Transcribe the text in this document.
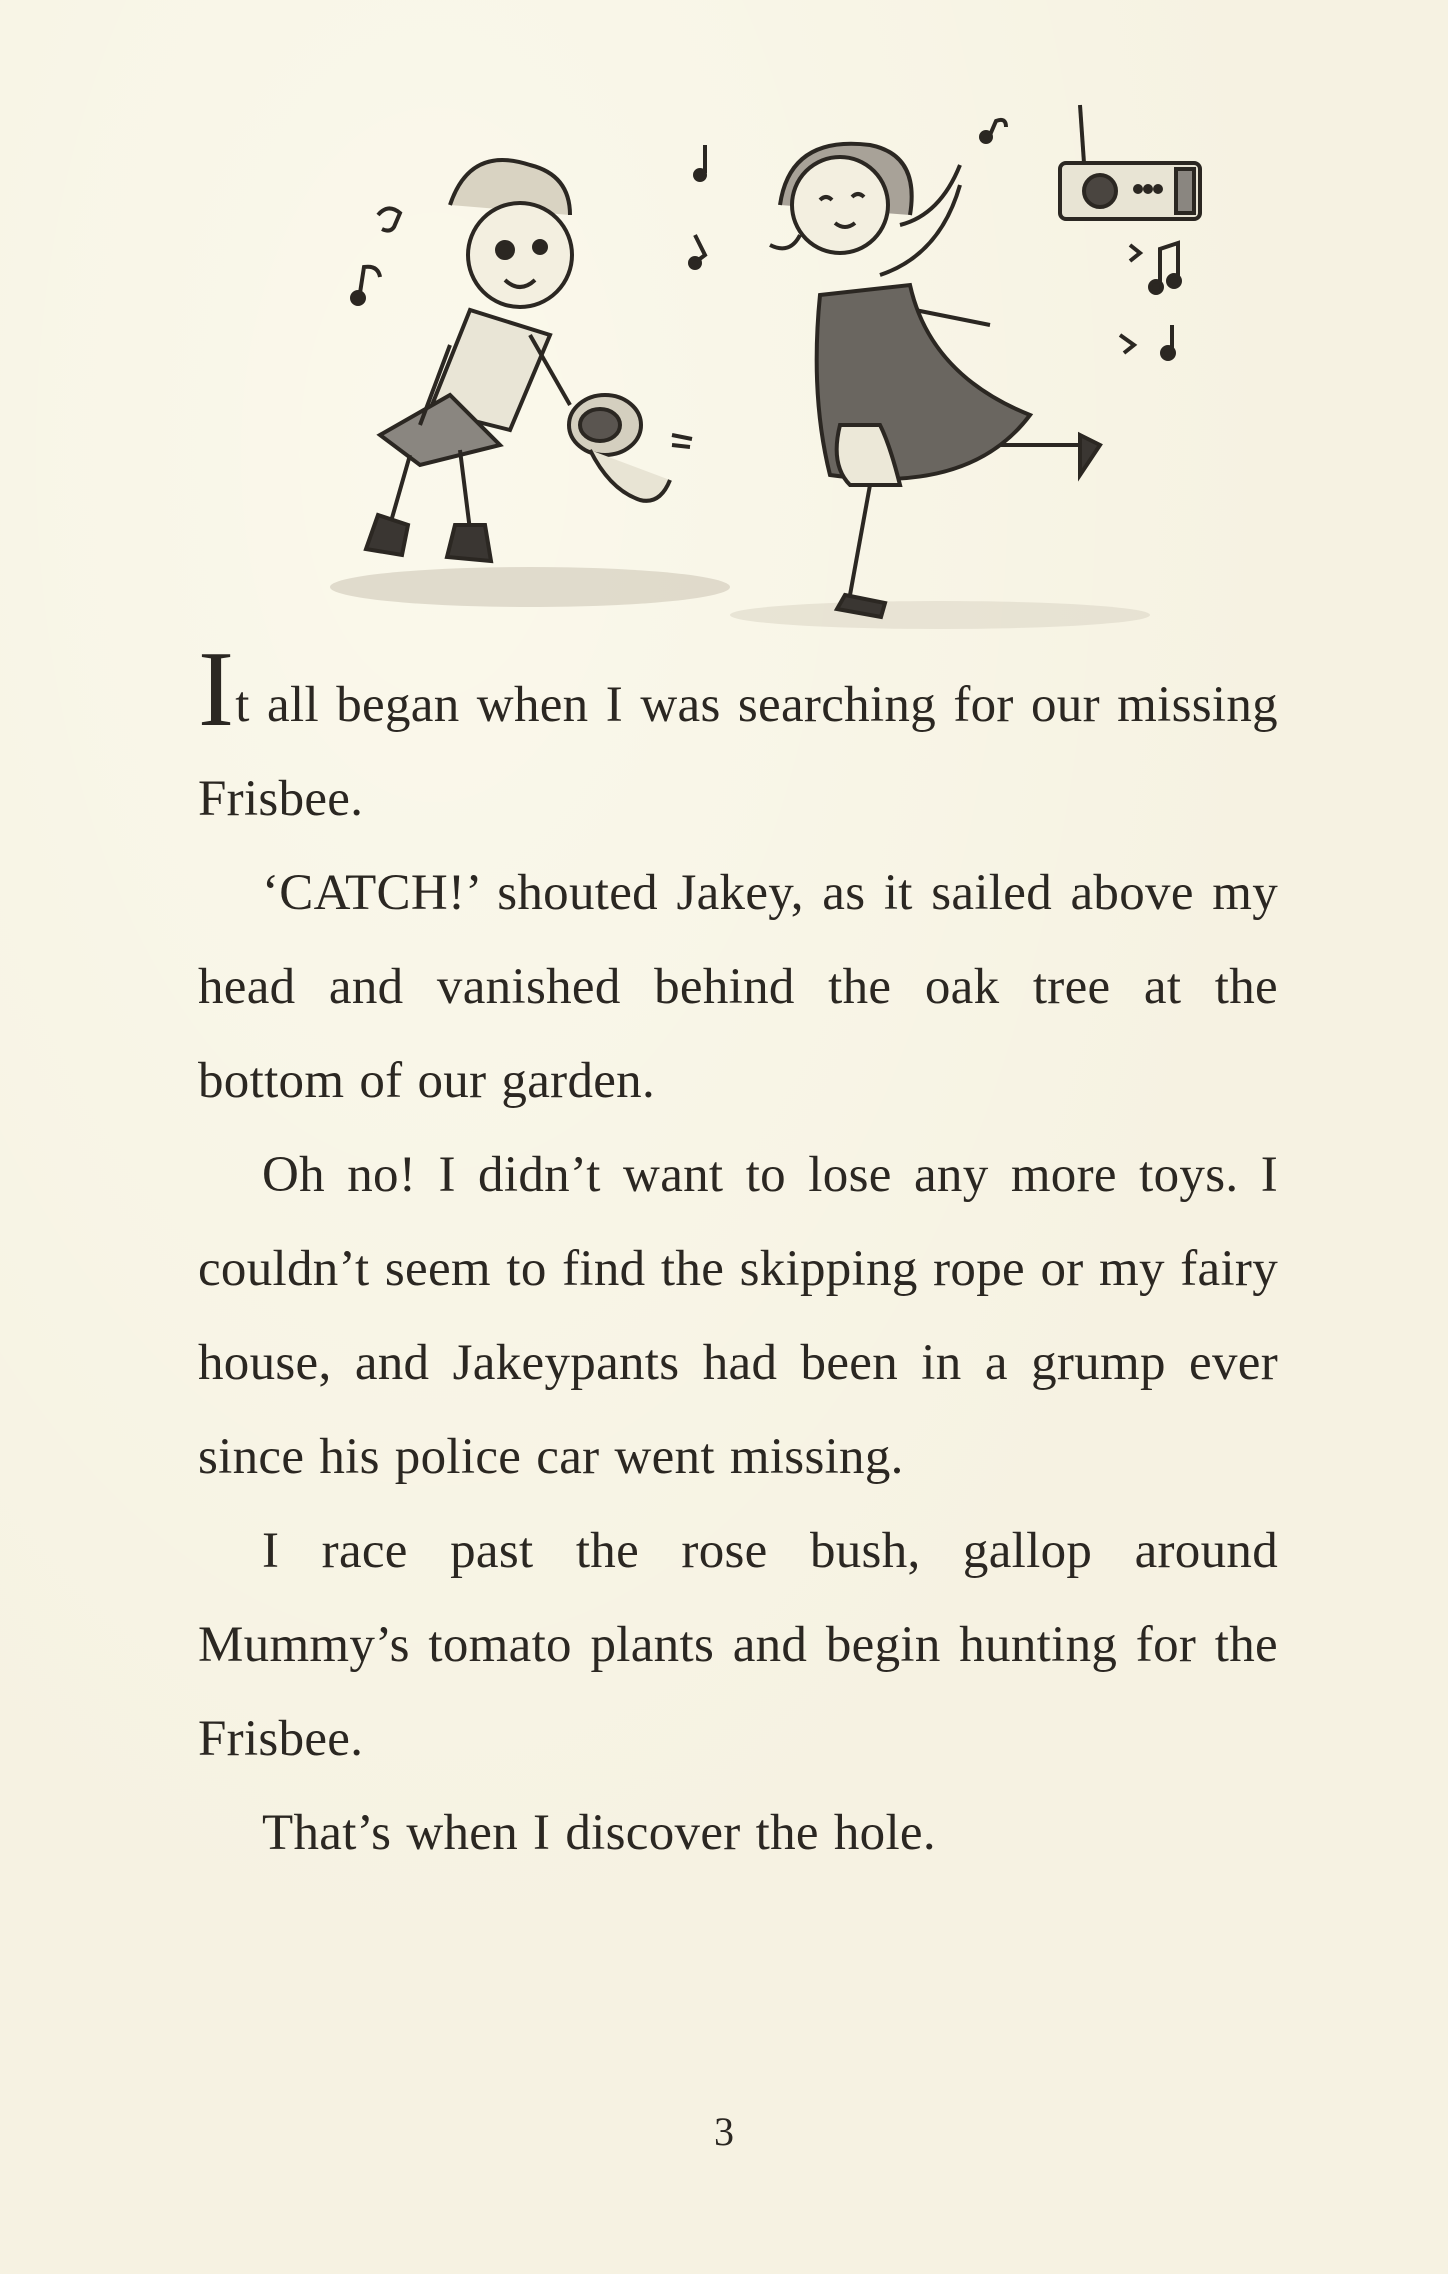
It all began when I was searching for our missing Frisbee.

‘CATCH!’ shouted Jakey, as it sailed above my head and vanished behind the oak tree at the bottom of our garden.

Oh no! I didn’t want to lose any more toys. I couldn’t seem to find the skipping rope or my fairy house, and Jakeypants had been in a grump ever since his police car went missing.

I race past the rose bush, gallop around Mummy’s tomato plants and begin hunting for the Frisbee.

That’s when I discover the hole.

3
